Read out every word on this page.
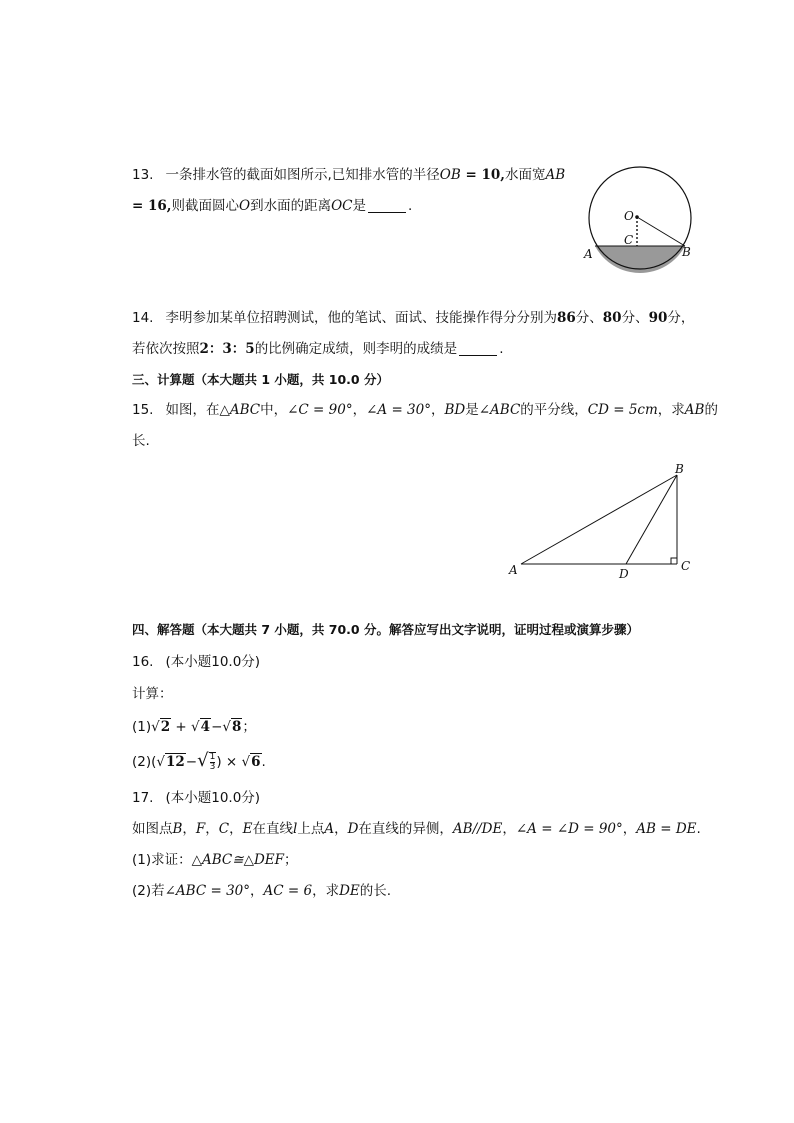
13. 一条排水管的截面如图所示,已知排水管的半径OB = 10,水面宽AB
= 16,则截面圆心O到水面的距离OC是	.
O
C
A	B
14. 李明参加某单位招聘测试，他的笔试、面试、技能操作得分分别为86分、80分、90分，
若依次按照2：3：5的比例确定成绩，则李明的成绩是	.
三、计算题（本大题共 1 小题，共 10.0 分）
15. 如图，在△ABC中，∠C = 90°，∠A = 30°，BD是∠ABC的平分线，CD = 5cm，求AB的
长.
A
B
C
D
四、解答题（本大题共 7 小题，共 70.0 分。解答应写出文字说明，证明过程或演算步骤）
16. (本小题10.0分)
计算：
(1)√2 + √4−√8；
$(2)(√12-√ \frac{1}{3}$ ) × √6.
17. (本小题10.0分)
如图点B，F，C，E在直线l上点A，D在直线的异侧，AB//DE，∠A = ∠D = 90°，AB = DE.
(1)求证：△ABC≅△DEF；
(2)若∠ABC = 30°，AC = 6，求DE的长.
